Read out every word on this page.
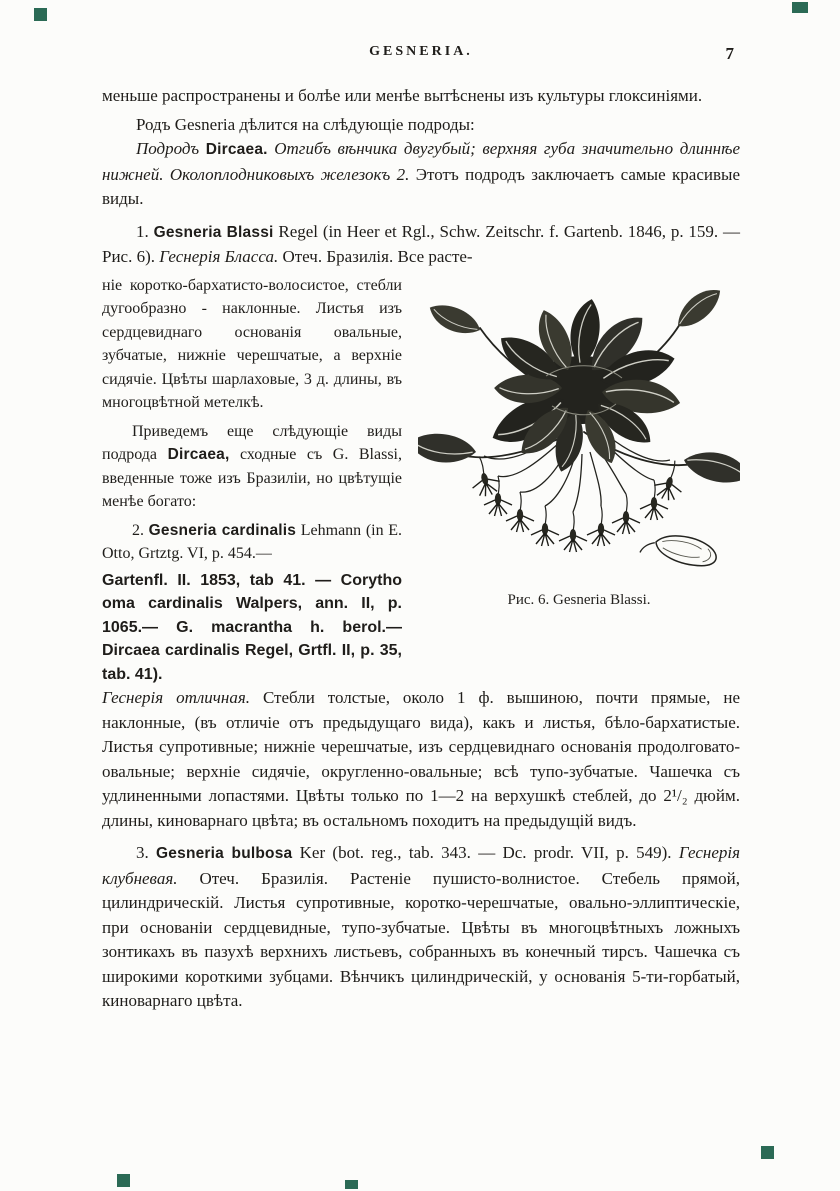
GESNERIA.	7

меньше распространены и болѣе или менѣе вытѣснены изъ культуры глоксиніями.

Родъ Gesneria дѣлится на слѣдующіе подроды:

Подродъ Dircaea. Отгибъ вѣнчика двугубый; верхняя губа значительно длиннѣе нижней. Околоплодниковыхъ железокъ 2. Этотъ подродъ заключаетъ самые красивые виды.

1. Gesneria Blassi Regel (in Heer et Rgl., Schw. Zeitschr. f. Gartenb. 1846, p. 159. — Рис. 6). Геснерія Бласса. Отеч. Бразилія. Все расте-

ніе коротко-бархатисто-волосистое, стебли дугообразно - наклонные. Листья изъ сердцевиднаго основанія овальные, зубчатые, нижніе черешчатые, а верхніе сидячіе. Цвѣты шарлаховые, 3 д. длины, въ многоцвѣтной метелкѣ.

Приведемъ еще слѣдующіе виды подрода Dircaea, сходные съ G. Blassi, введенные тоже изъ Бразиліи, но цвѣтущіе менѣе богато:

2. Gesneria cardinalis Lehmann (in E. Otto, Grtztg. VI, p. 454.—

Gartenfl. II. 1853, tab 41. — Corytho oma cardinalis Walpers, ann. II, p. 1065.— G. macrantha h. berol.—Dircaea cardinalis Regel, Grtfl. II, p. 35, tab. 41).

Рис. 6. Gesneria Blassi.

Геснерія отличная. Стебли толстые, около 1 ф. вышиною, почти прямые, не наклонные, (въ отличіе отъ предыдущаго вида), какъ и листья, бѣло-бархатистые. Листья супротивные; нижніе черешчатые, изъ сердцевиднаго основанія продолговато-овальные; верхніе сидячіе, округленно-овальные; всѣ тупо-зубчатые. Чашечка съ удлиненными лопастями. Цвѣты только по 1—2 на верхушкѣ стеблей, до 2¹/₂ дюйм. длины, киноварнаго цвѣта; въ остальномъ походитъ на предыдущій видъ.

3. Gesneria bulbosa Ker (bot. reg., tab. 343. — Dc. prodr. VII, p. 549). Геснерія клубневая. Отеч. Бразилія. Растеніе пушисто-волнистое. Стебель прямой, цилиндрическій. Листья супротивные, коротко-черешчатые, овально-эллиптическіе, при основаніи сердцевидные, тупо-зубчатые. Цвѣты въ многоцвѣтныхъ ложныхъ зонтикахъ въ пазухѣ верхнихъ листьевъ, собранныхъ въ конечный тирсъ. Чашечка съ широкими короткими зубцами. Вѣнчикъ цилиндрическій, у основанія 5-ти-горбатый, киноварнаго цвѣта.
